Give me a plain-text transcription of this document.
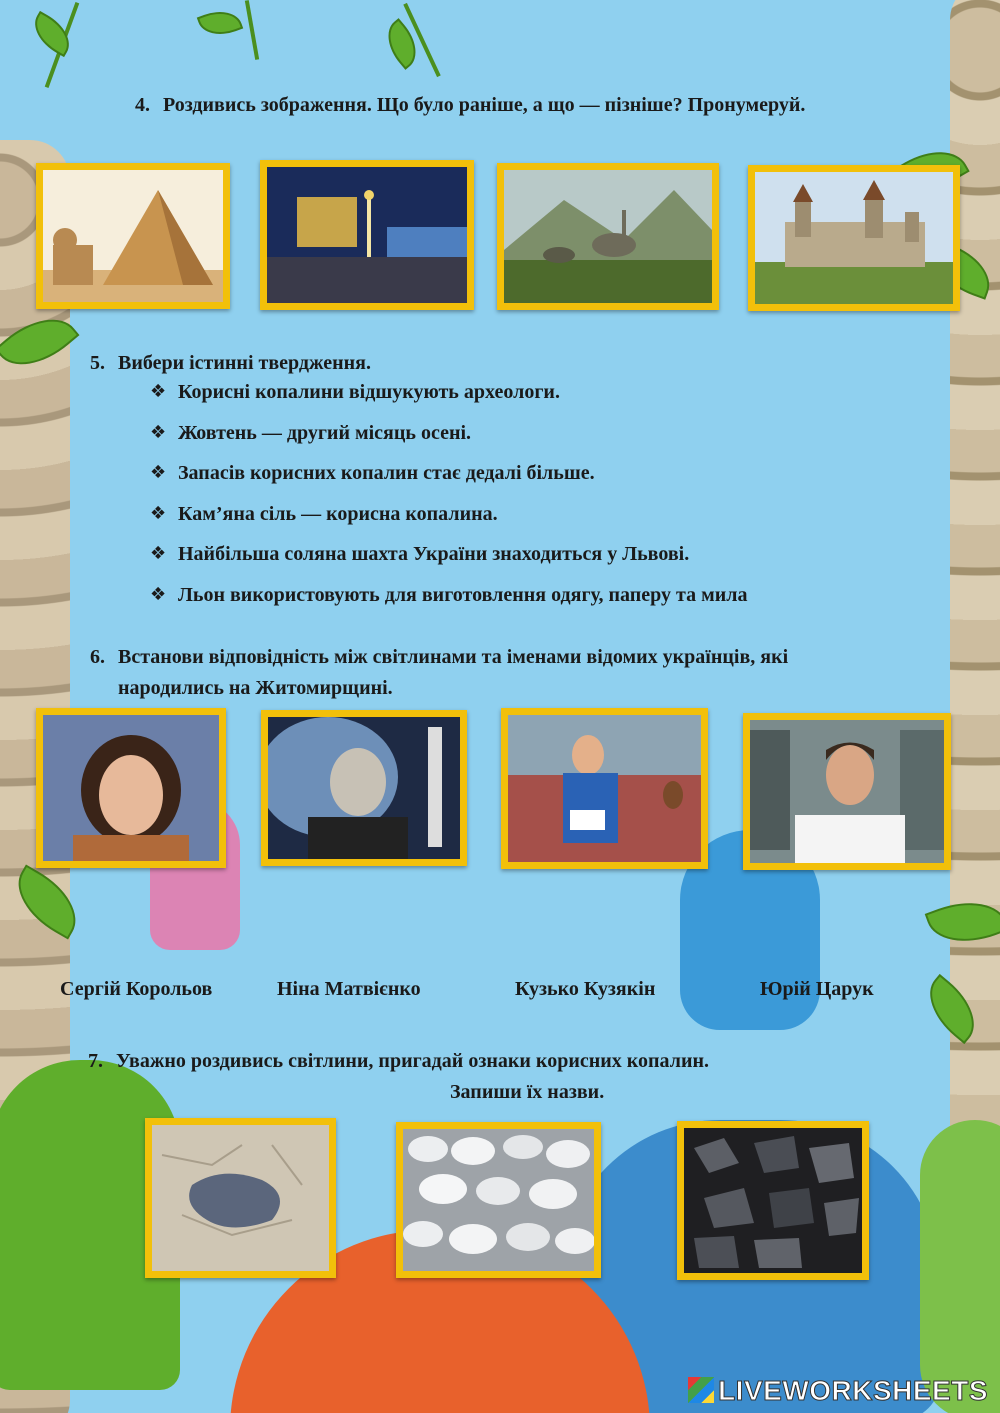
4. Роздивись зображення. Що було раніше, а що — пізніше? Пронумеруй.
5. Вибери істинні твердження.
❖ Корисні копалини відшукують археологи.
❖ Жовтень — другий місяць осені.
❖ Запасів корисних копалин стає дедалі більше.
❖ Кам’яна сіль — корисна копалина.
❖ Найбільша соляна шахта України знаходиться у Львові.
❖ Льон використовують для виготовлення одягу, паперу та мила
6. Встанови відповідність між світлинами та іменами відомих українців, які
народились на Житомирщині.
Сергій Корольов	Ніна Матвієнко	Кузько Кузякін	Юрій Царук
7. Уважно роздивись світлини, пригадай ознаки корисних копалин.
Запиши їх назви.
LIVEWORKSHEETS
